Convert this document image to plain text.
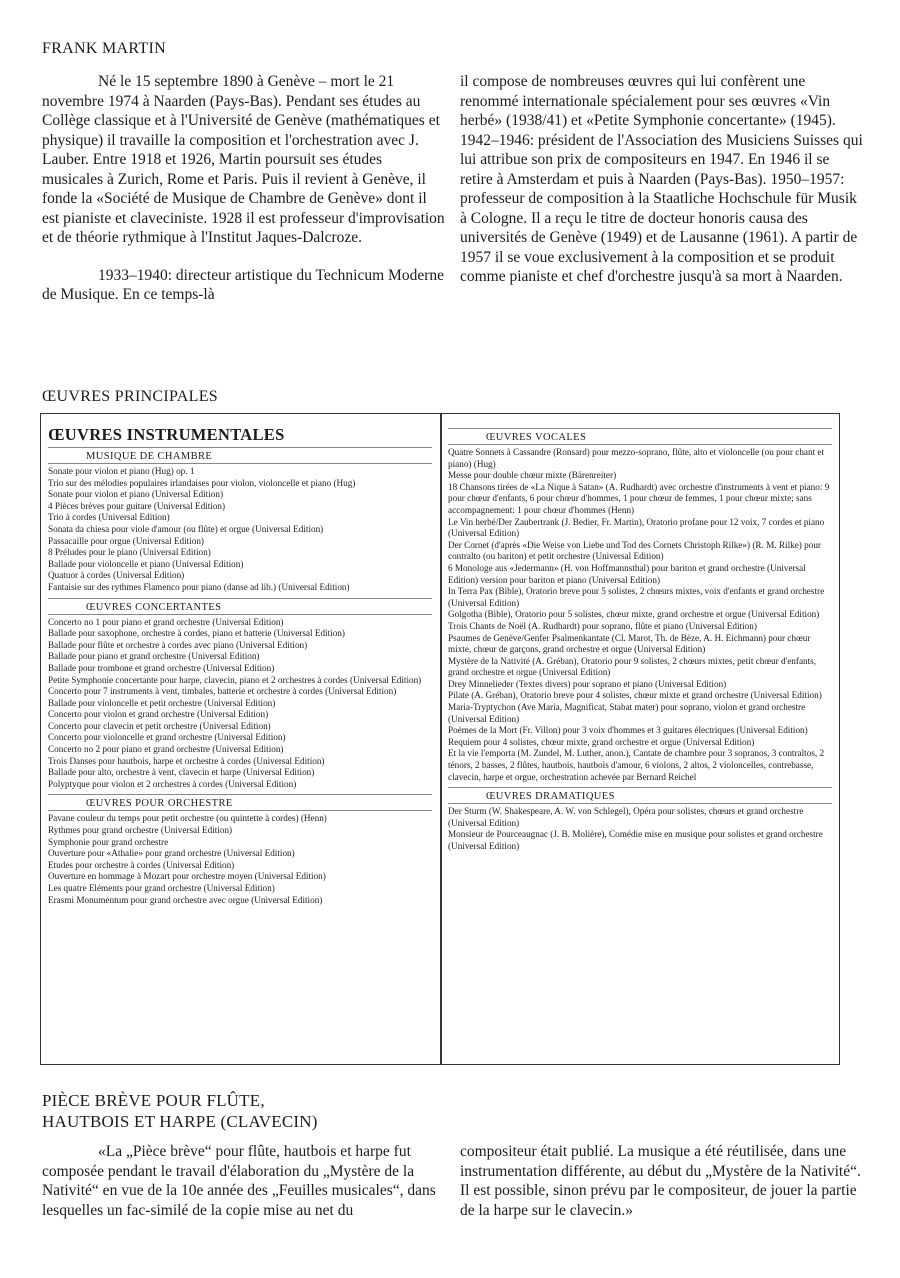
FRANK MARTIN

Né le 15 septembre 1890 à Genève – mort le 21 novembre 1974 à Naarden (Pays-Bas). Pendant ses études au Collège classique et à l'Université de Genève (mathématiques et physique) il travaille la composition et l'orchestration avec J. Lauber. Entre 1918 et 1926, Martin poursuit ses études musicales à Zurich, Rome et Paris. Puis il revient à Genève, il fonde la «Société de Musique de Chambre de Genève» dont il est pianiste et claveciniste. 1928 il est professeur d'improvisation et de théorie rythmique à l'Institut Jaques-Dalcroze.

1933–1940: directeur artistique du Technicum Moderne de Musique. En ce temps-là

il compose de nombreuses œuvres qui lui confèrent une renommé internationale spécialement pour ses œuvres «Vin herbé» (1938/41) et «Petite Symphonie concertante» (1945). 1942–1946: président de l'Association des Musiciens Suisses qui lui attribue son prix de compositeurs en 1947. En 1946 il se retire à Amsterdam et puis à Naarden (Pays-Bas). 1950–1957: professeur de composition à la Staatliche Hochschule für Musik à Cologne. Il a reçu le titre de docteur honoris causa des universités de Genève (1949) et de Lausanne (1961). A partir de 1957 il se voue exclusivement à la composition et se produit comme pianiste et chef d'orchestre jusqu'à sa mort à Naarden.

ŒUVRES PRINCIPALES
ŒUVRES INSTRUMENTALES
MUSIQUE DE CHAMBRE
Sonate pour violon et piano (Hug) op. 1
Trio sur des mélodies populaires irlandaises pour violon, violoncelle et piano (Hug)
Sonate pour violon et piano (Universal Edition)
4 Pièces brèves pour guitare (Universal Edition)
Trio à cordes (Universal Edition)
Sonata da chiesa pour viole d'amour (ou flûte) et orgue (Universal Edition)
Passacaille pour orgue (Universal Edition)
8 Préludes pour le piano (Universal Edition)
Ballade pour violoncelle et piano (Universal Edition)
Quatuor à cordes (Universal Edition)
Fantaisie sur des rythmes Flamenco pour piano (danse ad lib.) (Universal Edition)
ŒUVRES CONCERTANTES
Concerto no 1 pour piano et grand orchestre (Universal Edition)
Ballade pour saxophone, orchestre à cordes, piano et batterie (Universal Edition)
Ballade pour flûte et orchestre à cordes avec piano (Universal Edition)
Ballade pour piano et grand orchestre (Universal Edition)
Ballade pour trombone et grand orchestre (Universal Edition)
Petite Symphonie concertante pour harpe, clavecin, piano et 2 orchestres à cordes (Universal Edition)
Concerto pour 7 instruments à vent, timbales, batterie et orchestre à cordes (Universal Edition)
Ballade pour violoncelle et petit orchestre (Universal Edition)
Concerto pour violon et grand orchestre (Universal Edition)
Concerto pour clavecin et petit orchestre (Universal Edition)
Concerto pour violoncelle et grand orchestre (Universal Edition)
Concerto no 2 pour piano et grand orchestre (Universal Edition)
Trois Danses pour hautbois, harpe et orchestre à cordes (Universal Edition)
Ballade pour alto, orchestre à vent, clavecin et harpe (Universal Edition)
Polyptyque pour violon et 2 orchestres à cordes (Universal Edition)
ŒUVRES POUR ORCHESTRE
Pavane couleur du temps pour petit orchestre (ou quintette à cordes) (Henn)
Rythmes pour grand orchestre (Universal Edition)
Symphonie pour grand orchestre
Ouverture pour «Athalie» pour grand orchestre (Universal Edition)
Etudes pour orchestre à cordes (Universal Edition)
Ouverture en hommage à Mozart pour orchestre moyen (Universal Edition)
Les quatre Eléments pour grand orchestre (Universal Edition)
Erasmi Monumentum pour grand orchestre avec orgue (Universal Edition)
ŒUVRES VOCALES
Quatre Sonnets à Cassandre (Ronsard) pour mezzo-soprano, flûte, alto et violoncelle (ou pour chant et piano) (Hug)
Messe pour double chœur mixte (Bärenreiter)
18 Chansons tirées de «La Nique à Satan» (A. Rudhardt) avec orchestre d'instruments à vent et piano: 9 pour chœur d'enfants, 6 pour chœur d'hommes, 1 pour chœur de femmes, 1 pour chœur mixte; sans accompagnement: 1 pour chœur d'hommes (Henn)
Le Vin herbé/Der Zaubertrank (J. Bedier, Fr. Martin), Oratorio profane pour 12 voix, 7 cordes et piano (Universal Edition)
Der Cornet (d'après «Die Weise von Liebe und Tod des Cornets Christoph Rilke») (R. M. Rilke) pour contralto (ou bariton) et petit orchestre (Universal Edition)
6 Monologe aus «Jedermann» (H. von Hoffmannsthal) pour bariton et grand orchestre (Universal Edition) version pour bariton et piano (Universal Edition)
In Terra Pax (Bible), Oratorio breve pour 5 solistes, 2 chœurs mixtes, voix d'enfants et grand orchestre (Universal Edition)
Golgotha (Bible), Oratorio pour 5 solistes, chœur mixte, grand orchestre et orgue (Universal Edition)
Trois Chants de Noël (A. Rudhardt) pour soprano, flûte et piano (Universal Edition)
Psaumes de Genève/Genfer Psalmenkantate (Cl. Marot, Th. de Bèze, A. H. Eichmann) pour chœur mixte, chœur de garçons, grand orchestre et orgue (Universal Edition)
Mystère de la Nativité (A. Gréban), Oratorio pour 9 solistes, 2 chœurs mixtes, petit chœur d'enfants, grand orchestre et orgue (Universal Edition)
Drey Minnelieder (Textes divers) pour soprano et piano (Universal Edition)
Pilate (A. Gréban), Oratorio breve pour 4 solistes, chœur mixte et grand orchestre (Universal Edition)
Maria-Tryptychon (Ave Maria, Magnificat, Stabat mater) pour soprano, violon et grand orchestre (Universal Edition)
Poèmes de la Mort (Fr. Villon) pour 3 voix d'hommes et 3 guitares électriques (Universal Edition)
Requiem pour 4 solistes, chœur mixte, grand orchestre et orgue (Universal Edition)
Et la vie l'emporta (M. Zundel, M. Luther, anon.), Cantate de chambre pour 3 sopranos, 3 contraltos, 2 ténors, 2 basses, 2 flûtes, hautbois, hautbois d'amour, 6 violons, 2 altos, 2 violoncelles, contrebasse, clavecin, harpe et orgue, orchestration achevée par Bernard Reichel
ŒUVRES DRAMATIQUES
Der Sturm (W. Shakespeare, A. W. von Schlegel), Opéra pour solistes, chœurs et grand orchestre (Universal Edition)
Monsieur de Pourceaugnac (J. B. Molière), Comédie mise en musique pour solistes et grand orchestre (Universal Edition)
PIÈCE BRÈVE POUR FLÛTE,
HAUTBOIS ET HARPE (CLAVECIN)

«La „Pièce brève“ pour flûte, hautbois et harpe fut composée pendant le travail d'élaboration du „Mystère de la Nativité“ en vue de la 10e année des „Feuilles musicales“, dans lesquelles un fac-similé de la copie mise au net du

compositeur était publié. La musique a été réutilisée, dans une instrumentation différente, au début du „Mystère de la Nativité“. Il est possible, sinon prévu par le compositeur, de jouer la partie de la harpe sur le clavecin.»
